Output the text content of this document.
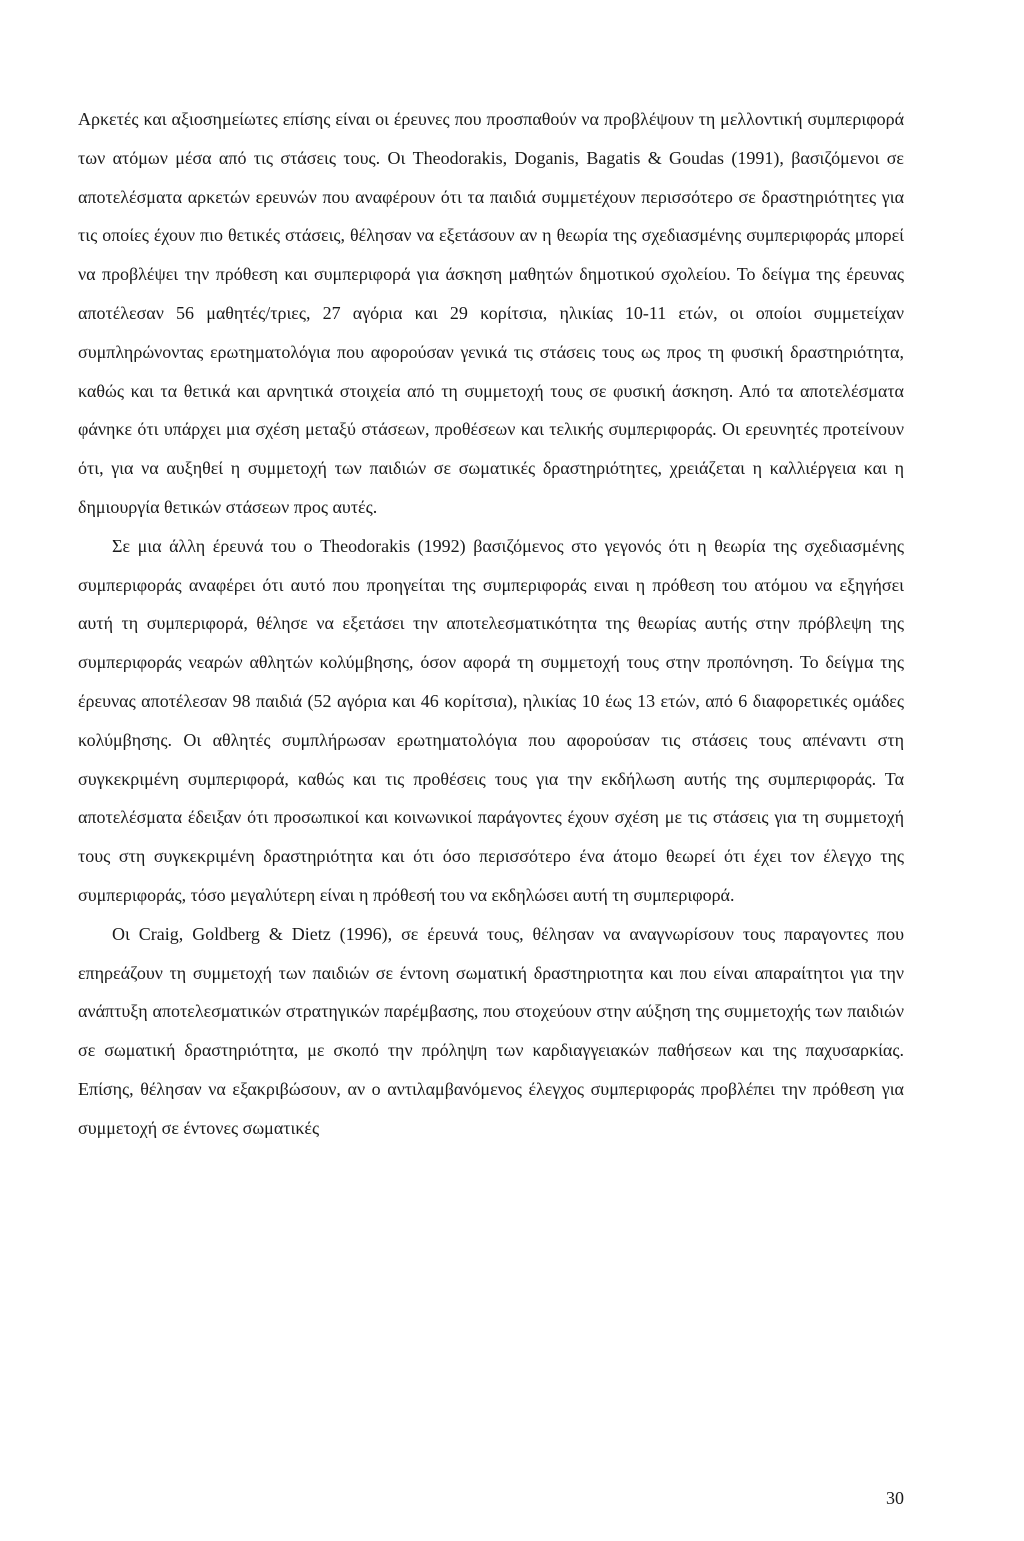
Αρκετές και αξιοσημείωτες επίσης είναι οι έρευνες που προσπαθούν να προβλέψουν τη μελλοντική συμπεριφορά των ατόμων μέσα από τις στάσεις τους. Οι Theodorakis, Doganis, Bagatis & Goudas (1991), βασιζόμενοι σε αποτελέσματα αρκετών ερευνών που αναφέρουν ότι τα παιδιά συμμετέχουν περισσότερο σε δραστηριότητες για τις οποίες έχουν πιο θετικές στάσεις, θέλησαν να εξετάσουν αν η θεωρία της σχεδιασμένης συμπεριφοράς μπορεί να προβλέψει την πρόθεση και συμπεριφορά για άσκηση μαθητών δημοτικού σχολείου. Το δείγμα της έρευνας αποτέλεσαν 56 μαθητές/τριες, 27 αγόρια και 29 κορίτσια, ηλικίας 10-11 ετών, οι οποίοι συμμετείχαν συμπληρώνοντας ερωτηματολόγια που αφορούσαν γενικά τις στάσεις τους ως προς τη φυσική δραστηριότητα, καθώς και τα θετικά και αρνητικά στοιχεία από τη συμμετοχή τους σε φυσική άσκηση. Από τα αποτελέσματα φάνηκε ότι υπάρχει μια σχέση μεταξύ στάσεων, προθέσεων και τελικής συμπεριφοράς. Οι ερευνητές προτείνουν ότι, για να αυξηθεί η συμμετοχή των παιδιών σε σωματικές δραστηριότητες, χρειάζεται η καλλιέργεια και η δημιουργία θετικών στάσεων προς αυτές.

Σε μια άλλη έρευνά του ο Theodorakis (1992) βασιζόμενος στο γεγονός ότι η θεωρία της σχεδιασμένης συμπεριφοράς αναφέρει ότι αυτό που προηγείται της συμπεριφοράς ειναι η πρόθεση του ατόμου να εξηγήσει αυτή τη συμπεριφορά, θέλησε να εξετάσει την αποτελεσματικότητα της θεωρίας αυτής στην πρόβλεψη της συμπεριφοράς νεαρών αθλητών κολύμβησης, όσον αφορά τη συμμετοχή τους στην προπόνηση. Το δείγμα της έρευνας αποτέλεσαν 98 παιδιά (52 αγόρια και 46 κορίτσια), ηλικίας 10 έως 13 ετών, από 6 διαφορετικές ομάδες κολύμβησης. Οι αθλητές συμπλήρωσαν ερωτηματολόγια που αφορούσαν τις στάσεις τους απέναντι στη συγκεκριμένη συμπεριφορά, καθώς και τις προθέσεις τους για την εκδήλωση αυτής της συμπεριφοράς. Τα αποτελέσματα έδειξαν ότι προσωπικοί και κοινωνικοί παράγοντες έχουν σχέση με τις στάσεις για τη συμμετοχή τους στη συγκεκριμένη δραστηριότητα και ότι όσο περισσότερο ένα άτομο θεωρεί ότι έχει τον έλεγχο της συμπεριφοράς, τόσο μεγαλύτερη είναι η πρόθεσή του να εκδηλώσει αυτή τη συμπεριφορά.

Οι Craig, Goldberg & Dietz (1996), σε έρευνά τους, θέλησαν να αναγνωρίσουν τους παραγοντες που επηρεάζουν τη συμμετοχή των παιδιών σε έντονη σωματική δραστηριοτητα και που είναι απαραίτητοι για την ανάπτυξη αποτελεσματικών στρατηγικών παρέμβασης, που στοχεύουν στην αύξηση της συμμετοχής των παιδιών σε σωματική δραστηριότητα, με σκοπό την πρόληψη των καρδιαγγειακών παθήσεων και της παχυσαρκίας. Επίσης, θέλησαν να εξακριβώσουν, αν ο αντιλαμβανόμενος έλεγχος συμπεριφοράς προβλέπει την πρόθεση για συμμετοχή σε έντονες σωματικές

30
